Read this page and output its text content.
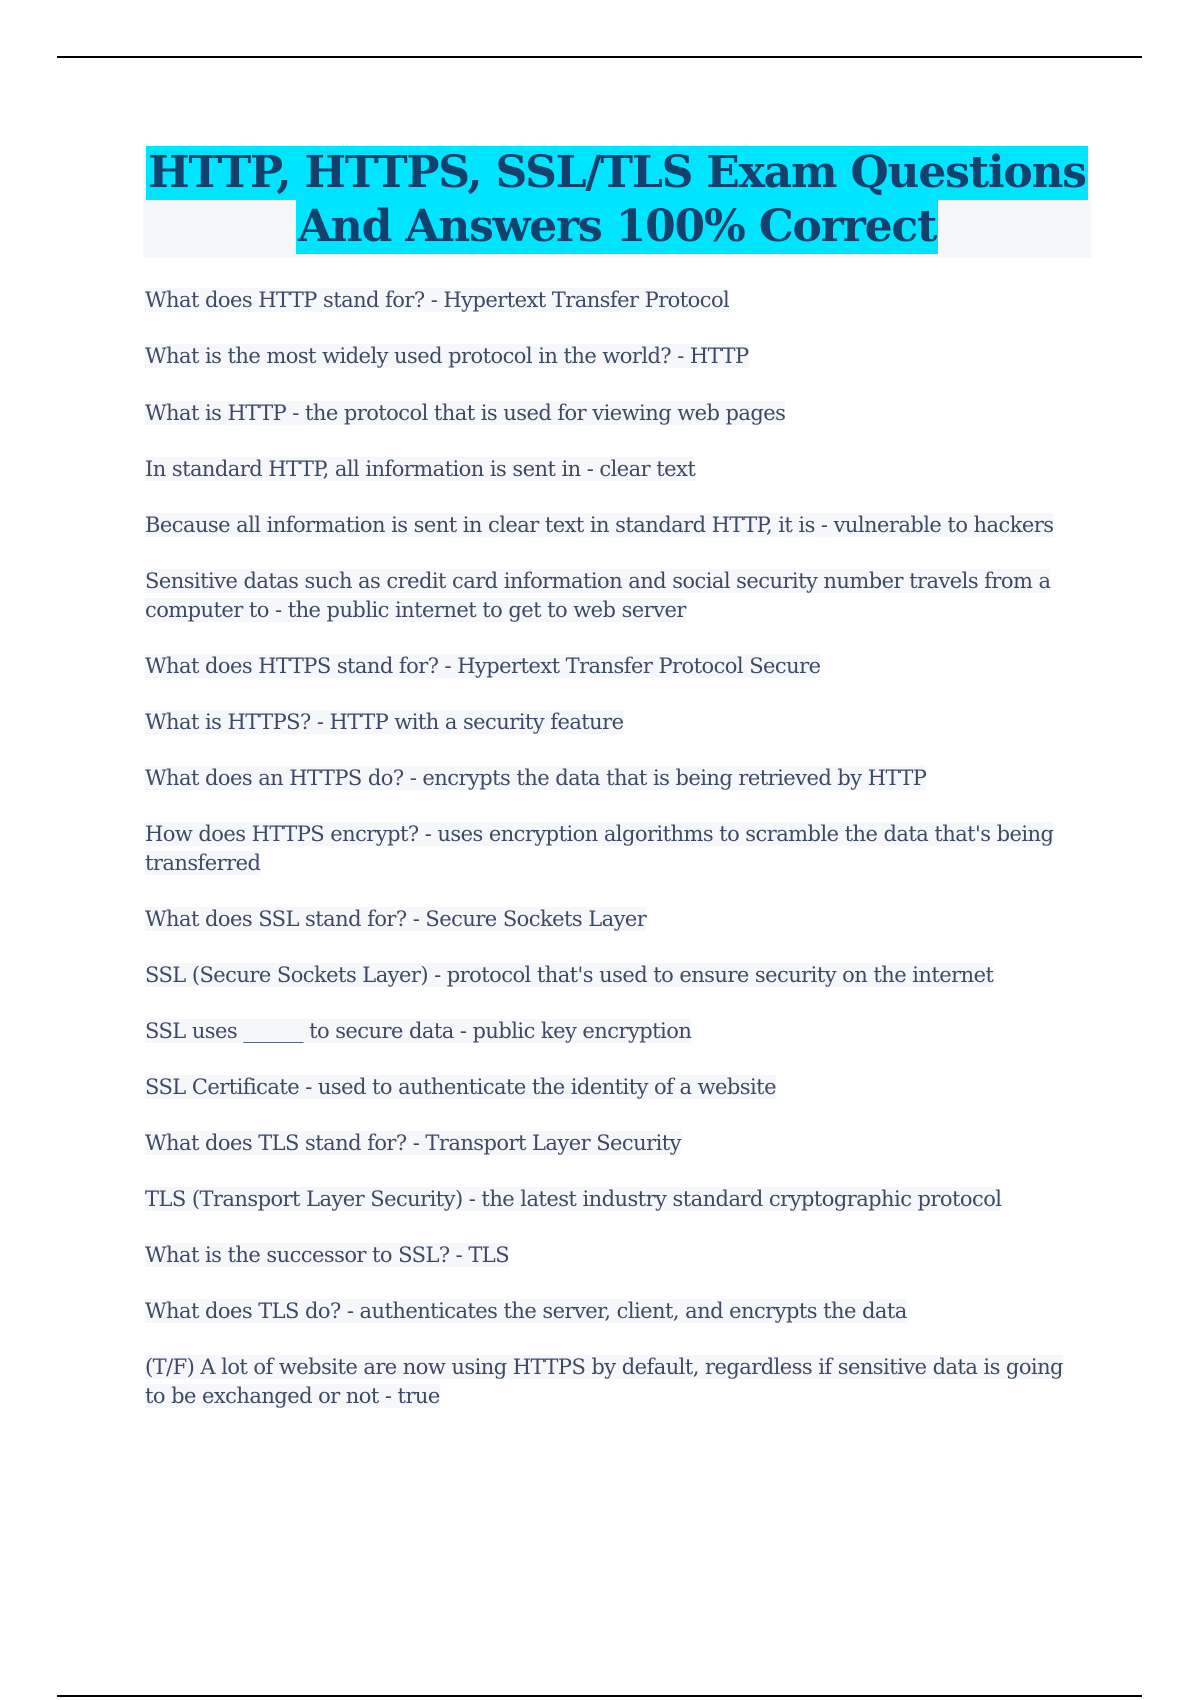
HTTP, HTTPS, SSL/TLS Exam Questions
And Answers 100% Correct
What does HTTP stand for? - Hypertext Transfer Protocol
What is the most widely used protocol in the world? - HTTP
What is HTTP - the protocol that is used for viewing web pages
In standard HTTP, all information is sent in - clear text
Because all information is sent in clear text in standard HTTP, it is - vulnerable to hackers
Sensitive datas such as credit card information and social security number travels from a computer to - the public internet to get to web server
What does HTTPS stand for? - Hypertext Transfer Protocol Secure
What is HTTPS? - HTTP with a security feature
What does an HTTPS do? - encrypts the data that is being retrieved by HTTP
How does HTTPS encrypt? - uses encryption algorithms to scramble the data that's being transferred
What does SSL stand for? - Secure Sockets Layer
SSL (Secure Sockets Layer) - protocol that's used to ensure security on the internet
SSL uses ______ to secure data - public key encryption
SSL Certificate - used to authenticate the identity of a website
What does TLS stand for? - Transport Layer Security
TLS (Transport Layer Security) - the latest industry standard cryptographic protocol
What is the successor to SSL? - TLS
What does TLS do? - authenticates the server, client, and encrypts the data
(T/F) A lot of website are now using HTTPS by default, regardless if sensitive data is going to be exchanged or not - true
